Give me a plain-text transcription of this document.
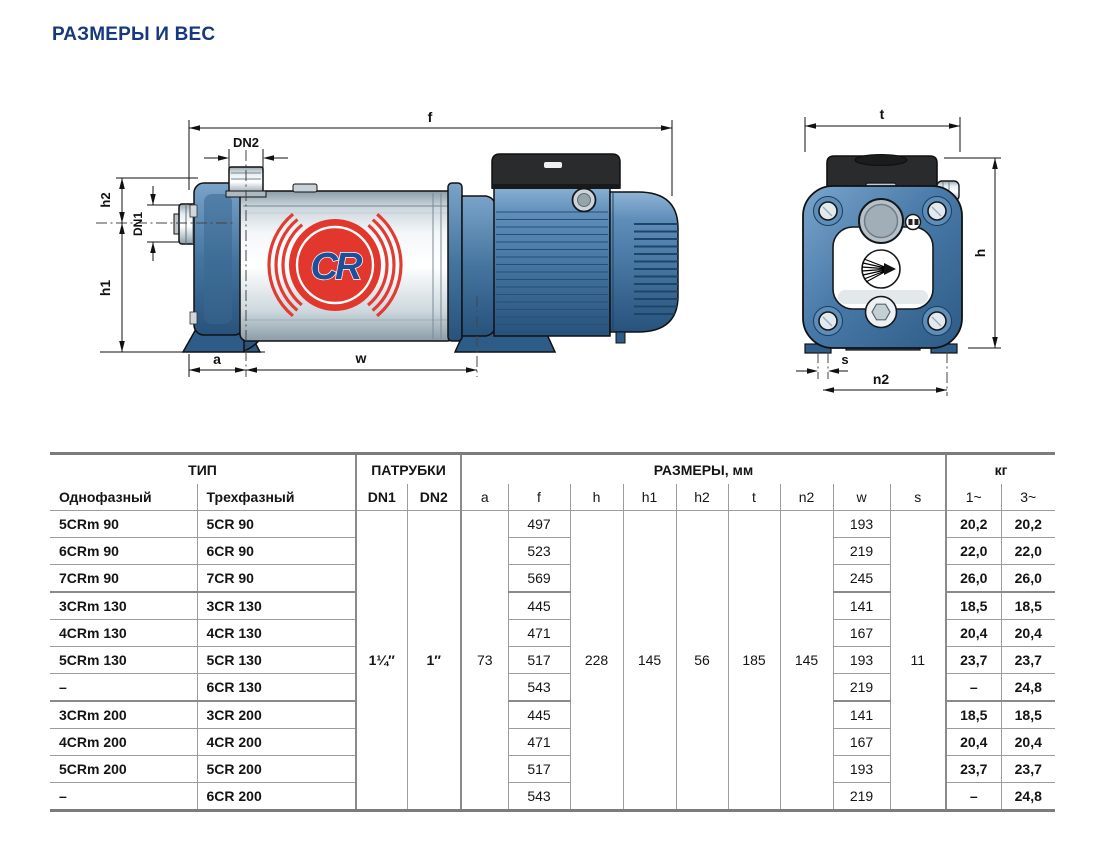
РАЗМЕРЫ И ВЕС
CR
f
DN2
h2
DN1
h1
a	w
t
h
s
n2
ТИП		ПАТРУБКИ		РАЗМЕРЫ, мм									кг	
Однофазный	Трехфазный	DN1	DN2	a	f	h	h1	h2	t	n2	w	s	1~	3~
5CRm 90	5CR 90	1¼″	1″	73	497	228	145	56	185	145	193	11	20,2	20,2
6CRm 90	6CR 90				523						219		22,0	22,0
7CRm 90	7CR 90				569						245		26,0	26,0
3CRm 130	3CR 130				445						141		18,5	18,5
4CRm 130	4CR 130				471						167		20,4	20,4
5CRm 130	5CR 130				517						193		23,7	23,7
–	6CR 130				543						219		–	24,8
3CRm 200	3CR 200				445						141		18,5	18,5
4CRm 200	4CR 200				471						167		20,4	20,4
5CRm 200	5CR 200				517						193		23,7	23,7
–	6CR 200				543						219		–	24,8
